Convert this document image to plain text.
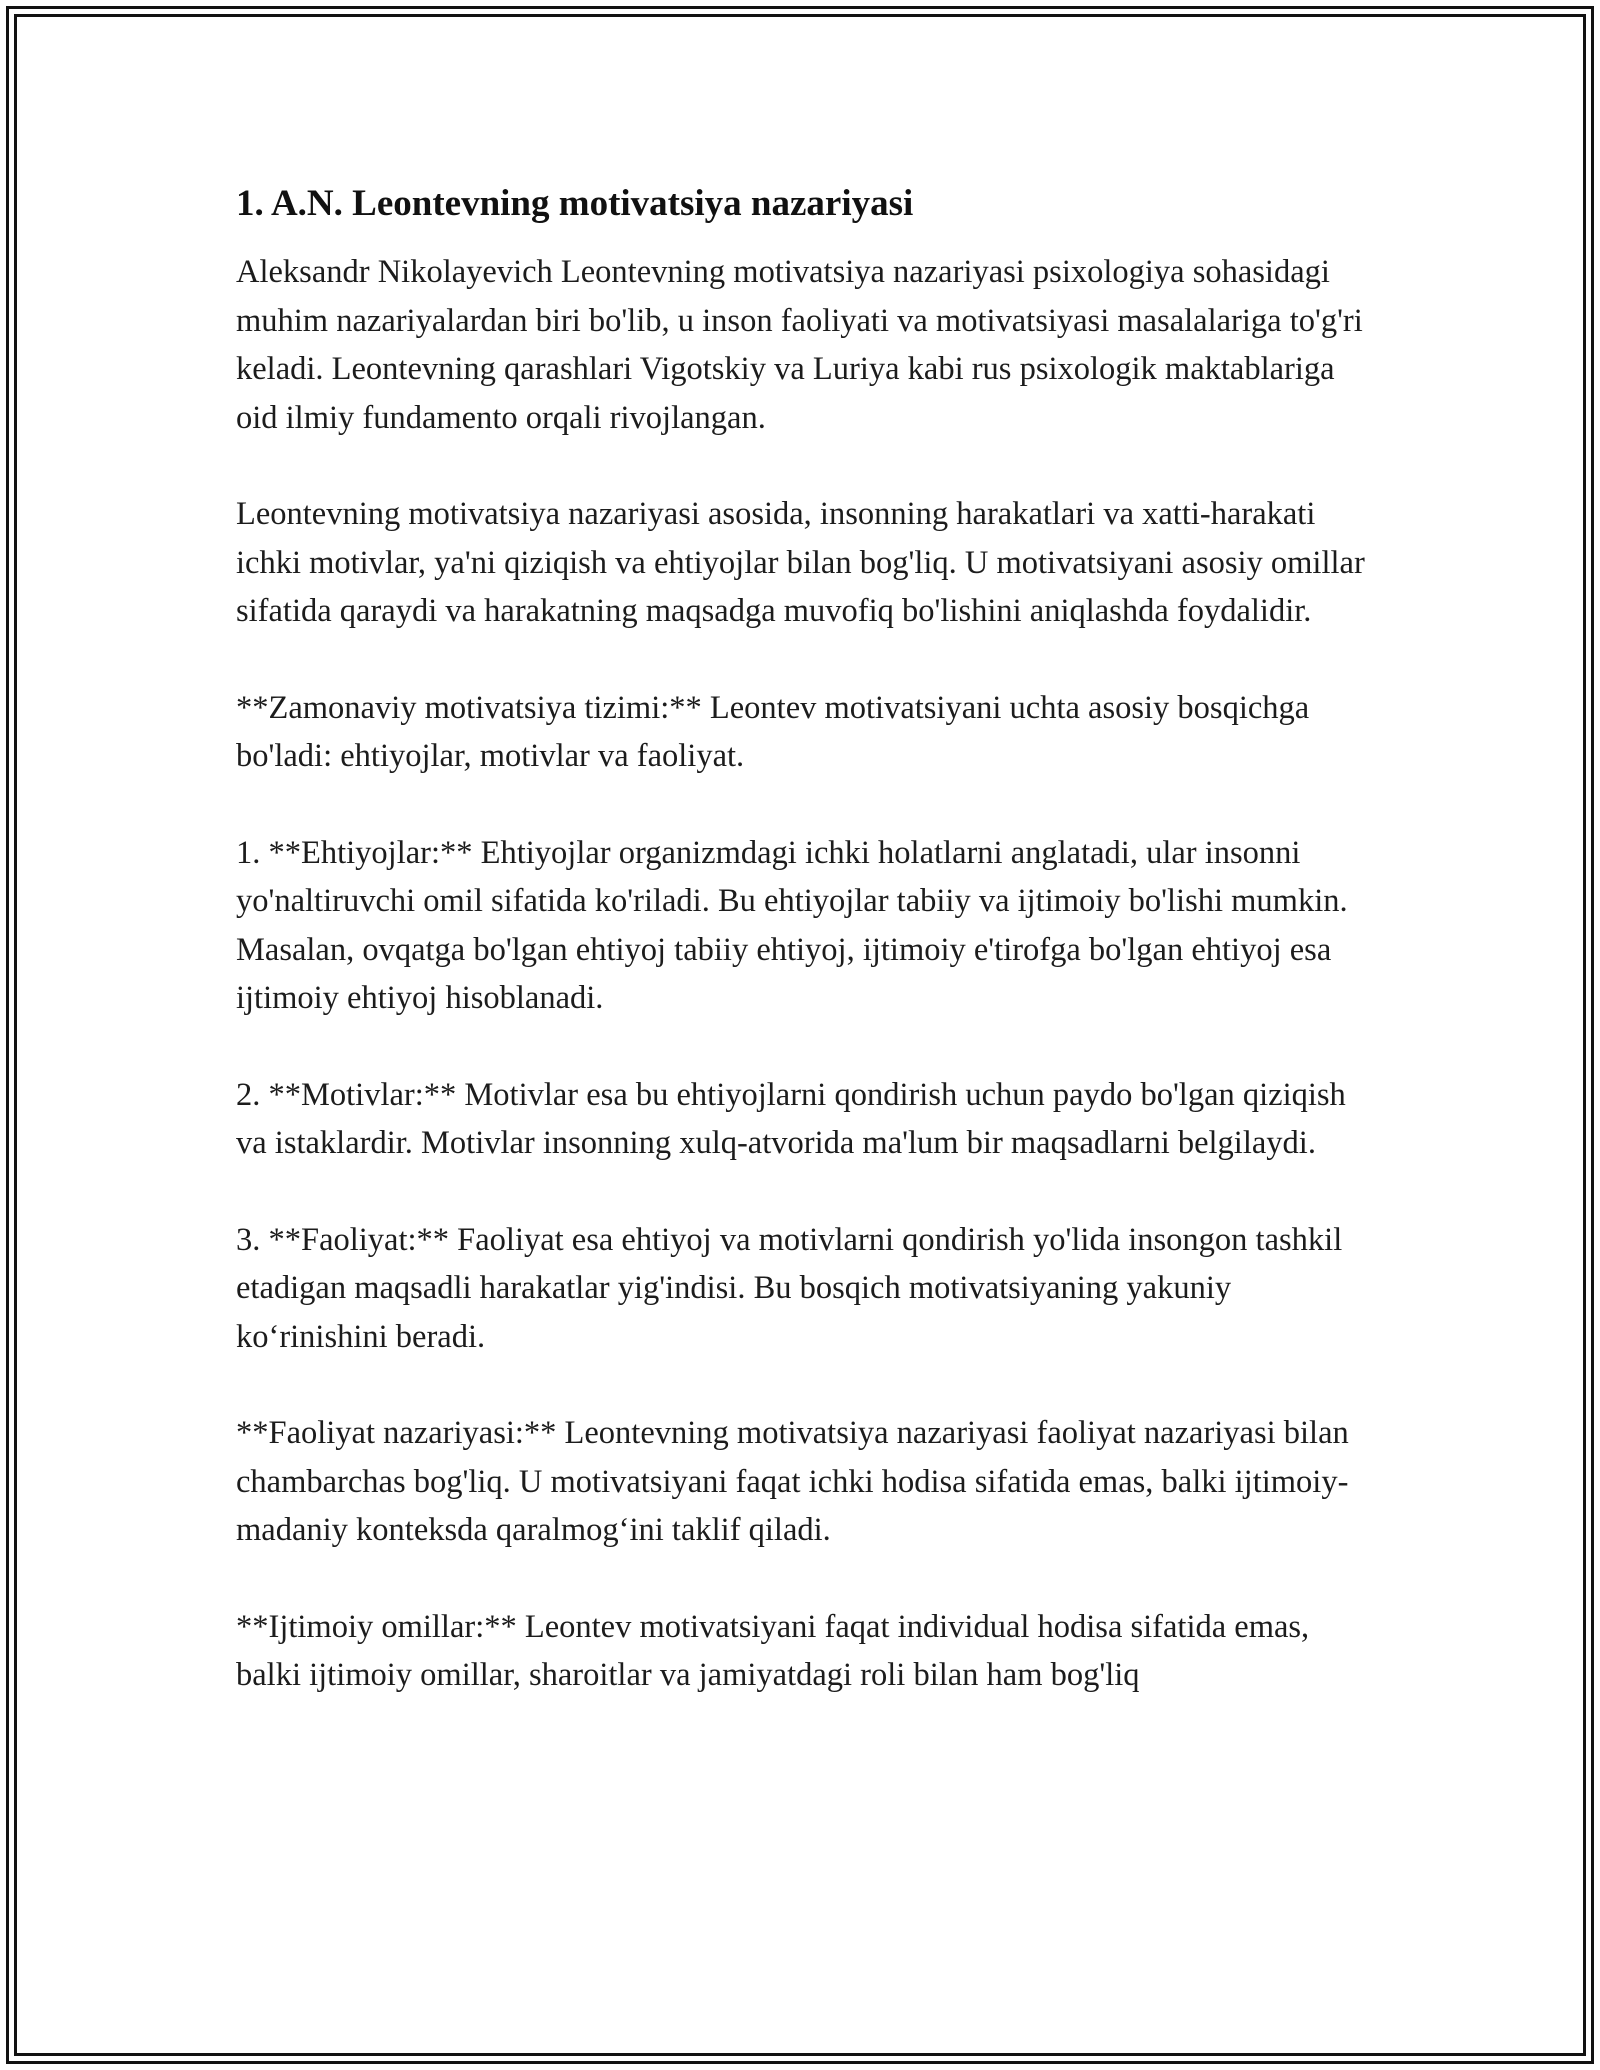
1. A.N. Leontevning motivatsiya nazariyasi

Aleksandr Nikolayevich Leontevning motivatsiya nazariyasi psixologiya sohasidagi muhim nazariyalardan biri bo'lib, u inson faoliyati va motivatsiyasi masalalariga to'g'ri keladi. Leontevning qarashlari Vigotskiy va Luriya kabi rus psixologik maktablariga oid ilmiy fundamento orqali rivojlangan.

Leontevning motivatsiya nazariyasi asosida, insonning harakatlari va xatti-harakati ichki motivlar, ya'ni qiziqish va ehtiyojlar bilan bog'liq. U motivatsiyani asosiy omillar sifatida qaraydi va harakatning maqsadga muvofiq bo'lishini aniqlashda foydalidir.

**Zamonaviy motivatsiya tizimi:** Leontev motivatsiyani uchta asosiy bosqichga bo'ladi: ehtiyojlar, motivlar va faoliyat.

1. **Ehtiyojlar:** Ehtiyojlar organizmdagi ichki holatlarni anglatadi, ular insonni yo'naltiruvchi omil sifatida ko'riladi. Bu ehtiyojlar tabiiy va ijtimoiy bo'lishi mumkin. Masalan, ovqatga bo'lgan ehtiyoj tabiiy ehtiyoj, ijtimoiy e'tirofga bo'lgan ehtiyoj esa ijtimoiy ehtiyoj hisoblanadi.

2. **Motivlar:** Motivlar esa bu ehtiyojlarni qondirish uchun paydo bo'lgan qiziqish va istaklardir. Motivlar insonning xulq-atvorida ma'lum bir maqsadlarni belgilaydi.

3. **Faoliyat:** Faoliyat esa ehtiyoj va motivlarni qondirish yo'lida insongon tashkil etadigan maqsadli harakatlar yig'indisi. Bu bosqich motivatsiyaning yakuniy ko‘rinishini beradi.

**Faoliyat nazariyasi:** Leontevning motivatsiya nazariyasi faoliyat nazariyasi bilan chambarchas bog'liq. U motivatsiyani faqat ichki hodisa sifatida emas, balki ijtimoiy-madaniy konteksda qaralmog‘ini taklif qiladi.

**Ijtimoiy omillar:** Leontev motivatsiyani faqat individual hodisa sifatida emas, balki ijtimoiy omillar, sharoitlar va jamiyatdagi roli bilan ham bog'liq
